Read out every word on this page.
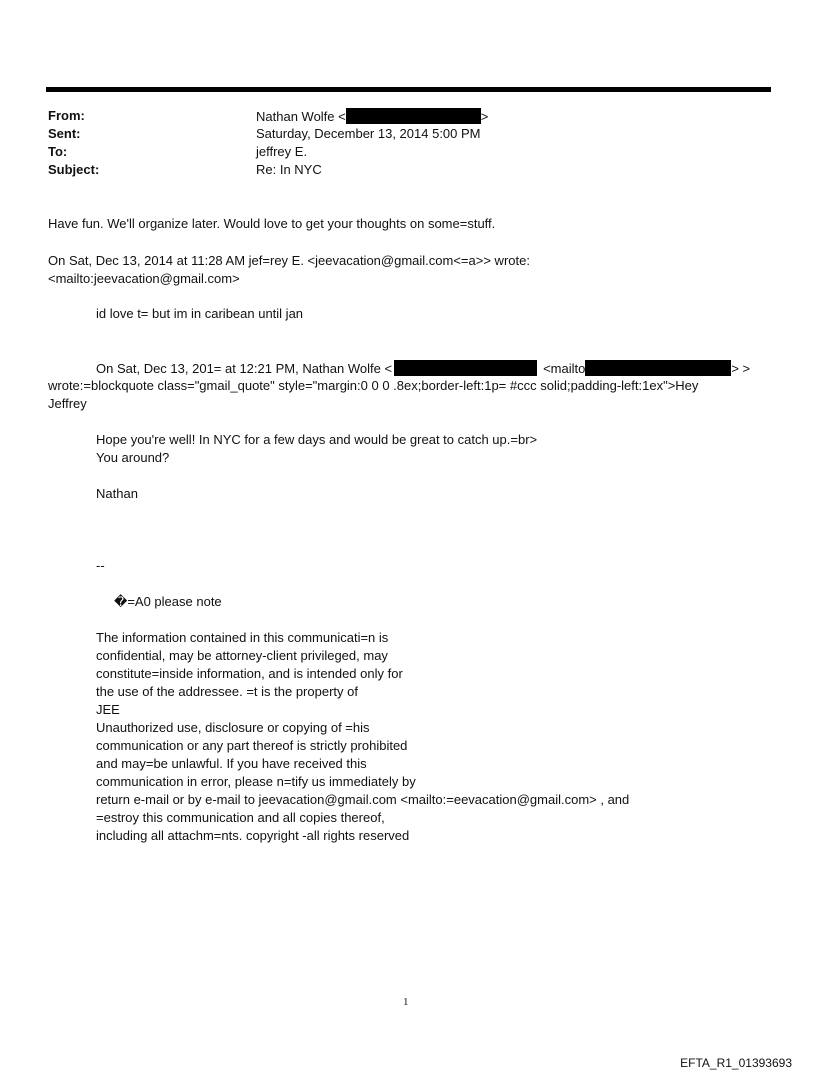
From:	Nathan Wolfe <	>
Sent:	Saturday, December 13, 2014 5:00 PM
To:	jeffrey E.
Subject:	Re: In NYC
Have fun. We'll organize later. Would love to get your thoughts on some=stuff.
On Sat, Dec 13, 2014 at 11:28 AM jef=rey E. <jeevacation@gmail.com<=a>> wrote:
<mailto:jeevacation@gmail.com>
id love t= but im in caribean until jan
On Sat, Dec 13, 201= at 12:21 PM, Nathan Wolfe <	<mailto	> >
wrote:=blockquote class="gmail_quote" style="margin:0 0 0 .8ex;border-left:1p= #ccc solid;padding-left:1ex">Hey
Jeffrey
Hope you're well! In NYC for a few days and would be great to catch up.=br>
You around?
Nathan
--
�=A0 please note
The information contained in this communicati=n is
confidential, may be attorney-client privileged, may
constitute=inside information, and is intended only for
the use of the addressee. =t is the property of
JEE
Unauthorized use, disclosure or copying of =his
communication or any part thereof is strictly prohibited
and may=be unlawful. If you have received this
communication in error, please n=tify us immediately by
return e-mail or by e-mail to jeevacation@gmail.com <mailto:=eevacation@gmail.com> , and
=estroy this communication and all copies thereof,
including all attachm=nts. copyright -all rights reserved
1
EFTA_R1_01393693
